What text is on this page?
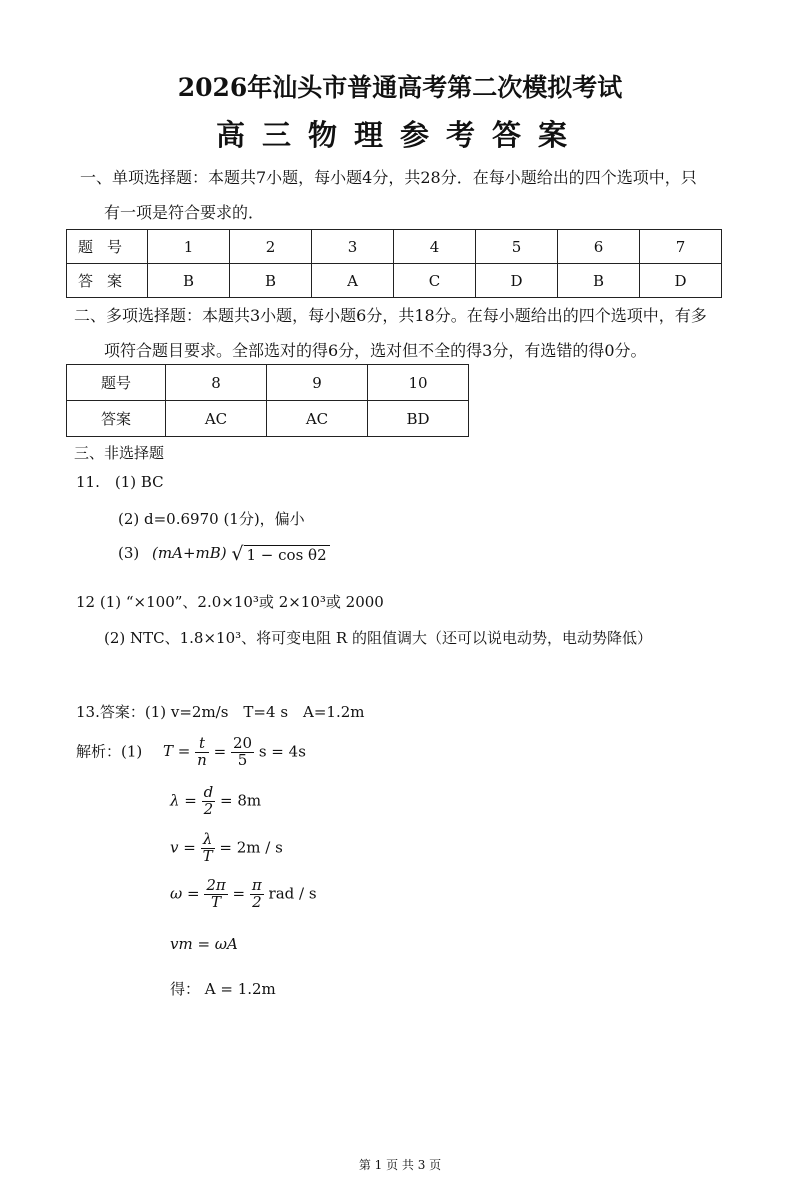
2026年汕头市普通高考第二次模拟考试
高三物理参考答案
一、单项选择题：本题共7小题，每小题4分，共28分．在每小题给出的四个选项中，只
有一项是符合要求的．
题号	1	2	3	4	5	6	7
答案	B	B	A	C	D	B	D
二、多项选择题：本题共3小题，每小题6分，共18分。在每小题给出的四个选项中，有多
项符合题目要求。全部选对的得6分，选对但不全的得3分，有选错的得0分。
题号	8	9	10
答案	AC	AC	BD
三、非选择题
11.　(1) BC
(2) d=0.6970 (1分)，偏小
(3) (mA+mB) √ 1 − cos θ2
12 (1) “×100”、2.0×10³或 2×10³或 2000
(2) NTC、1.8×10³、将可变电阻 R 的阻值调大（还可以说电动势，电动势降低）
13.答案：(1) v=2m/s　T=4 s　A=1.2m
解析：(1) $T = \frac{t}{n} = \frac{20}{5}$ s = 4s
$\lambda = \frac{d}{2} = 8m$
$v = \frac{\lambda}{T} = 2m / s$
$\omega = \frac{2\pi}{T} = \frac{\pi}{2}$ rad / s
vm = ωA
得： A = 1.2m
第 1 页 共 3 页
